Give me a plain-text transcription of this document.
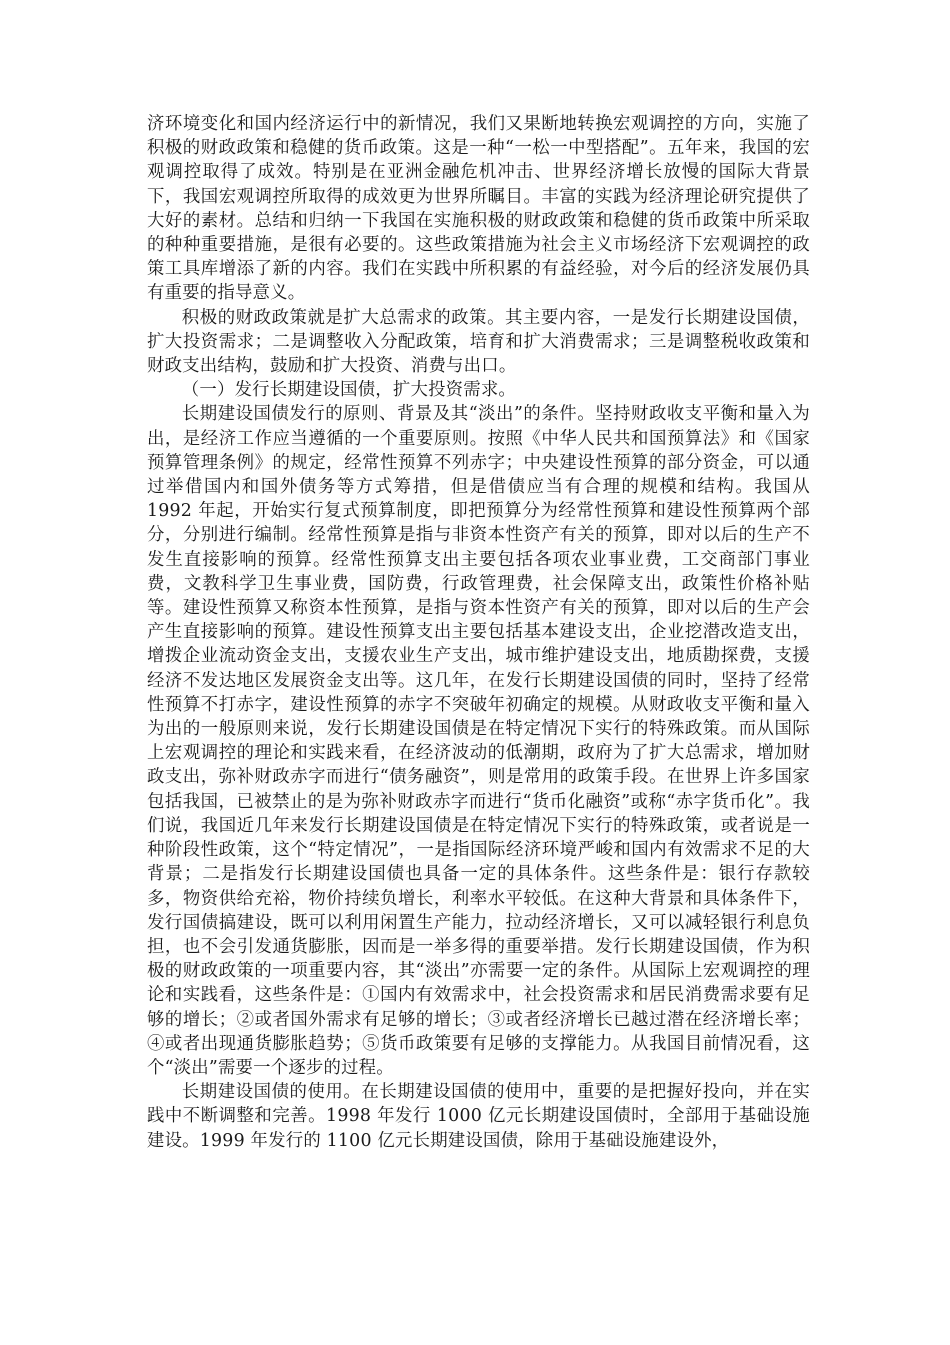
济环境变化和国内经济运行中的新情况，我们又果断地转换宏观调控的方向，实施了积极的财政政策和稳健的货币政策。这是一种“一松一中型搭配”。五年来，我国的宏观调控取得了成效。特别是在亚洲金融危机冲击、世界经济增长放慢的国际大背景下，我国宏观调控所取得的成效更为世界所瞩目。丰富的实践为经济理论研究提供了大好的素材。总结和归纳一下我国在实施积极的财政政策和稳健的货币政策中所采取的种种重要措施，是很有必要的。这些政策措施为社会主义市场经济下宏观调控的政策工具库增添了新的内容。我们在实践中所积累的有益经验，对今后的经济发展仍具有重要的指导意义。

积极的财政政策就是扩大总需求的政策。其主要内容，一是发行长期建设国债，扩大投资需求；二是调整收入分配政策，培育和扩大消费需求；三是调整税收政策和财政支出结构，鼓励和扩大投资、消费与出口。

（一）发行长期建设国债，扩大投资需求。

长期建设国债发行的原则、背景及其“淡出”的条件。坚持财政收支平衡和量入为出，是经济工作应当遵循的一个重要原则。按照《中华人民共和国预算法》和《国家预算管理条例》的规定，经常性预算不列赤字；中央建设性预算的部分资金，可以通过举借国内和国外债务等方式筹措，但是借债应当有合理的规模和结构。我国从 1992 年起，开始实行复式预算制度，即把预算分为经常性预算和建设性预算两个部分，分别进行编制。经常性预算是指与非资本性资产有关的预算，即对以后的生产不发生直接影响的预算。经常性预算支出主要包括各项农业事业费，工交商部门事业费，文教科学卫生事业费，国防费，行政管理费，社会保障支出，政策性价格补贴等。建设性预算又称资本性预算，是指与资本性资产有关的预算，即对以后的生产会产生直接影响的预算。建设性预算支出主要包括基本建设支出，企业挖潜改造支出，增拨企业流动资金支出，支援农业生产支出，城市维护建设支出，地质勘探费，支援经济不发达地区发展资金支出等。这几年，在发行长期建设国债的同时，坚持了经常性预算不打赤字，建设性预算的赤字不突破年初确定的规模。从财政收支平衡和量入为出的一般原则来说，发行长期建设国债是在特定情况下实行的特殊政策。而从国际上宏观调控的理论和实践来看，在经济波动的低潮期，政府为了扩大总需求，增加财政支出，弥补财政赤字而进行“债务融资”，则是常用的政策手段。在世界上许多国家包括我国，已被禁止的是为弥补财政赤字而进行“货币化融资”或称“赤字货币化”。我们说，我国近几年来发行长期建设国债是在特定情况下实行的特殊政策，或者说是一种阶段性政策，这个“特定情况”，一是指国际经济环境严峻和国内有效需求不足的大背景；二是指发行长期建设国债也具备一定的具体条件。这些条件是：银行存款较多，物资供给充裕，物价持续负增长，利率水平较低。在这种大背景和具体条件下，发行国债搞建设，既可以利用闲置生产能力，拉动经济增长，又可以减轻银行利息负担，也不会引发通货膨胀，因而是一举多得的重要举措。发行长期建设国债，作为积极的财政政策的一项重要内容，其“淡出”亦需要一定的条件。从国际上宏观调控的理论和实践看，这些条件是：①国内有效需求中，社会投资需求和居民消费需求要有足够的增长；②或者国外需求有足够的增长；③或者经济增长已越过潜在经济增长率；④或者出现通货膨胀趋势；⑤货币政策要有足够的支撑能力。从我国目前情况看，这个“淡出”需要一个逐步的过程。

长期建设国债的使用。在长期建设国债的使用中，重要的是把握好投向，并在实践中不断调整和完善。1998 年发行 1000 亿元长期建设国债时，全部用于基础设施建设。1999 年发行的 1100 亿元长期建设国债，除用于基础设施建设外，
